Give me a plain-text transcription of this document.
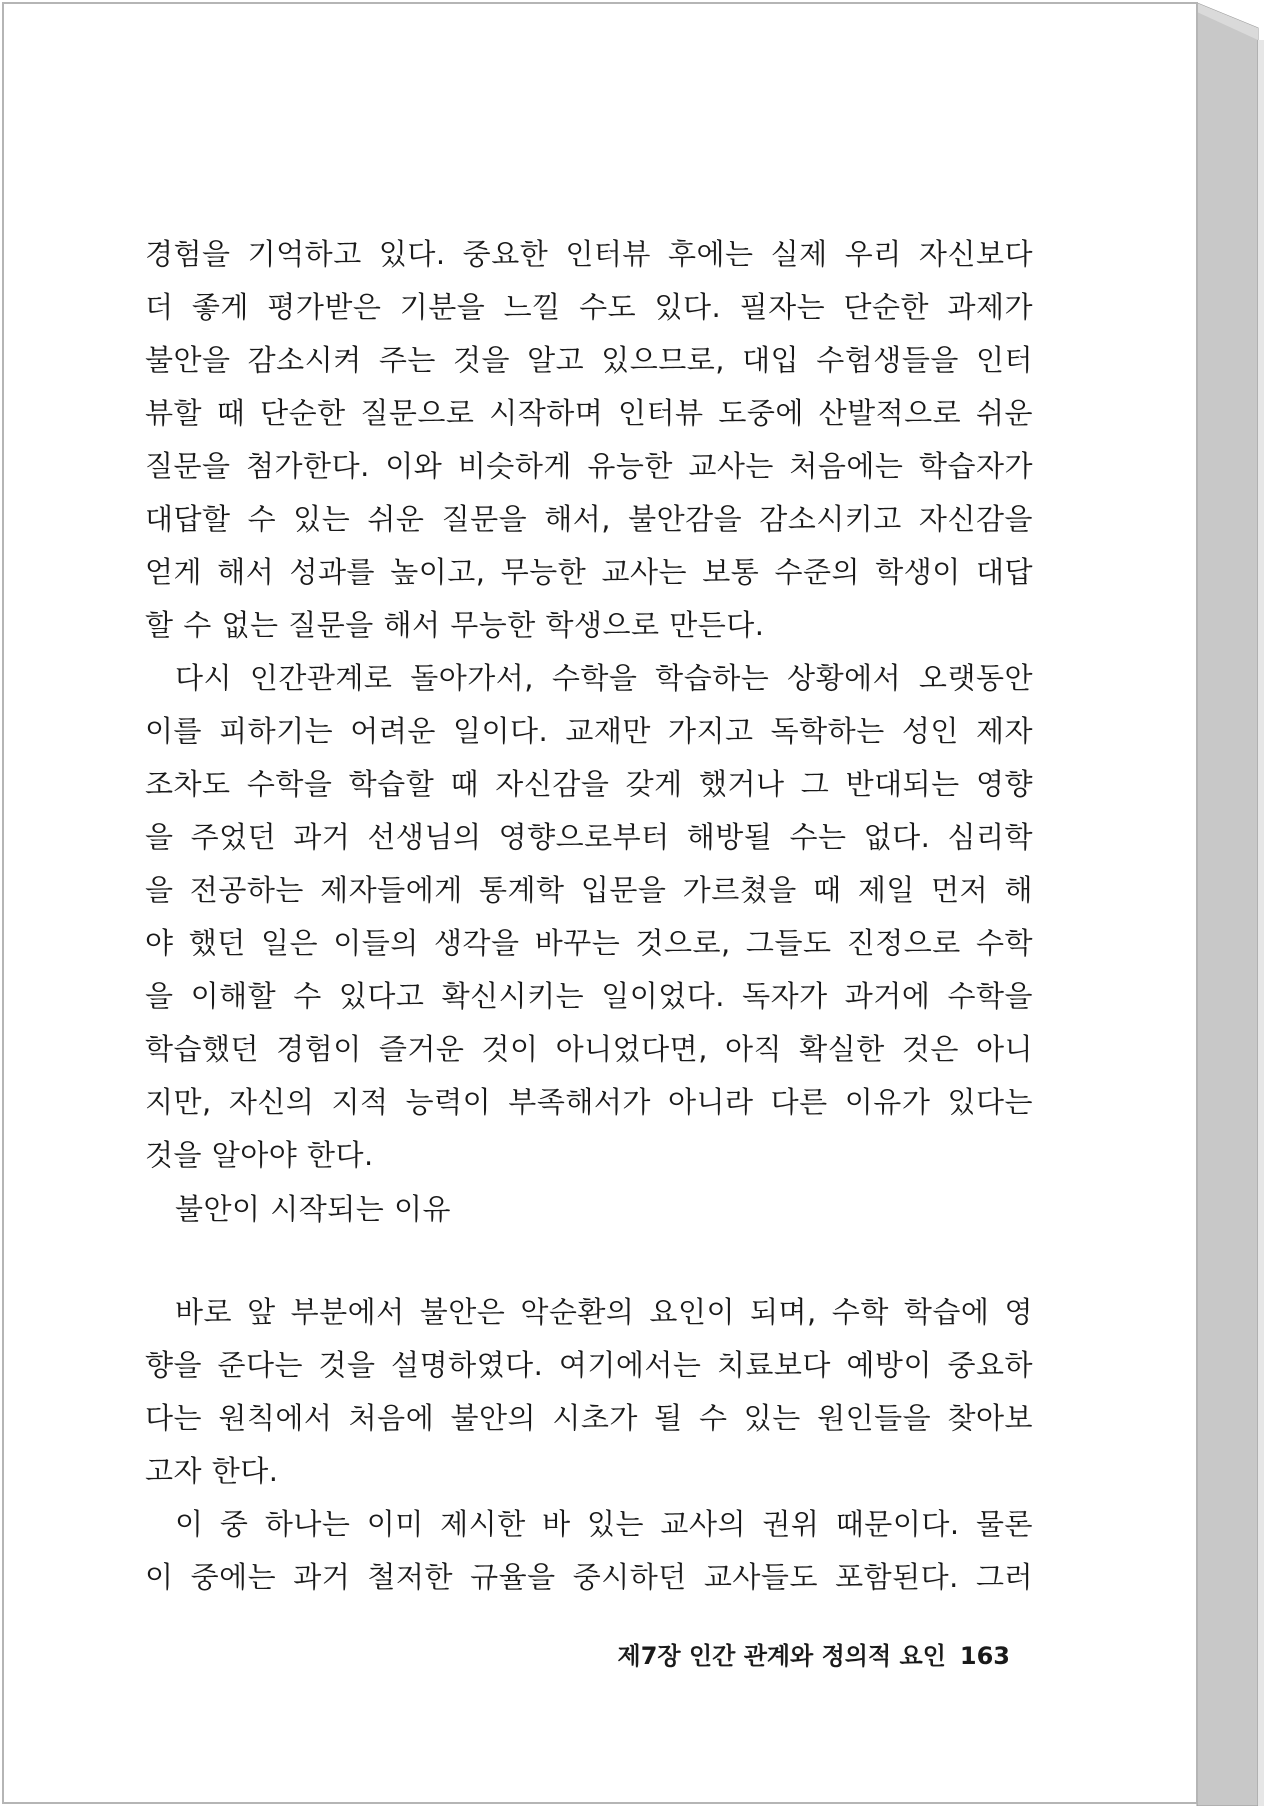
경험을 기억하고 있다. 중요한 인터뷰 후에는 실제 우리 자신보다
더 좋게 평가받은 기분을 느낄 수도 있다. 필자는 단순한 과제가
불안을 감소시켜 주는 것을 알고 있으므로, 대입 수험생들을 인터
뷰할 때 단순한 질문으로 시작하며 인터뷰 도중에 산발적으로 쉬운
질문을 첨가한다. 이와 비슷하게 유능한 교사는 처음에는 학습자가
대답할 수 있는 쉬운 질문을 해서, 불안감을 감소시키고 자신감을
얻게 해서 성과를 높이고, 무능한 교사는 보통 수준의 학생이 대답
할 수 없는 질문을 해서 무능한 학생으로 만든다.
다시 인간관계로 돌아가서, 수학을 학습하는 상황에서 오랫동안
이를 피하기는 어려운 일이다. 교재만 가지고 독학하는 성인 제자
조차도 수학을 학습할 때 자신감을 갖게 했거나 그 반대되는 영향
을 주었던 과거 선생님의 영향으로부터 해방될 수는 없다. 심리학
을 전공하는 제자들에게 통계학 입문을 가르쳤을 때 제일 먼저 해
야 했던 일은 이들의 생각을 바꾸는 것으로, 그들도 진정으로 수학
을 이해할 수 있다고 확신시키는 일이었다. 독자가 과거에 수학을
학습했던 경험이 즐거운 것이 아니었다면, 아직 확실한 것은 아니
지만, 자신의 지적 능력이 부족해서가 아니라 다른 이유가 있다는
것을 알아야 한다.
불안이 시작되는 이유
바로 앞 부분에서 불안은 악순환의 요인이 되며, 수학 학습에 영
향을 준다는 것을 설명하였다. 여기에서는 치료보다 예방이 중요하
다는 원칙에서 처음에 불안의 시초가 될 수 있는 원인들을 찾아보
고자 한다.
이 중 하나는 이미 제시한 바 있는 교사의 권위 때문이다. 물론
이 중에는 과거 철저한 규율을 중시하던 교사들도 포함된다. 그러
제7장 인간 관계와 정의적 요인 163
